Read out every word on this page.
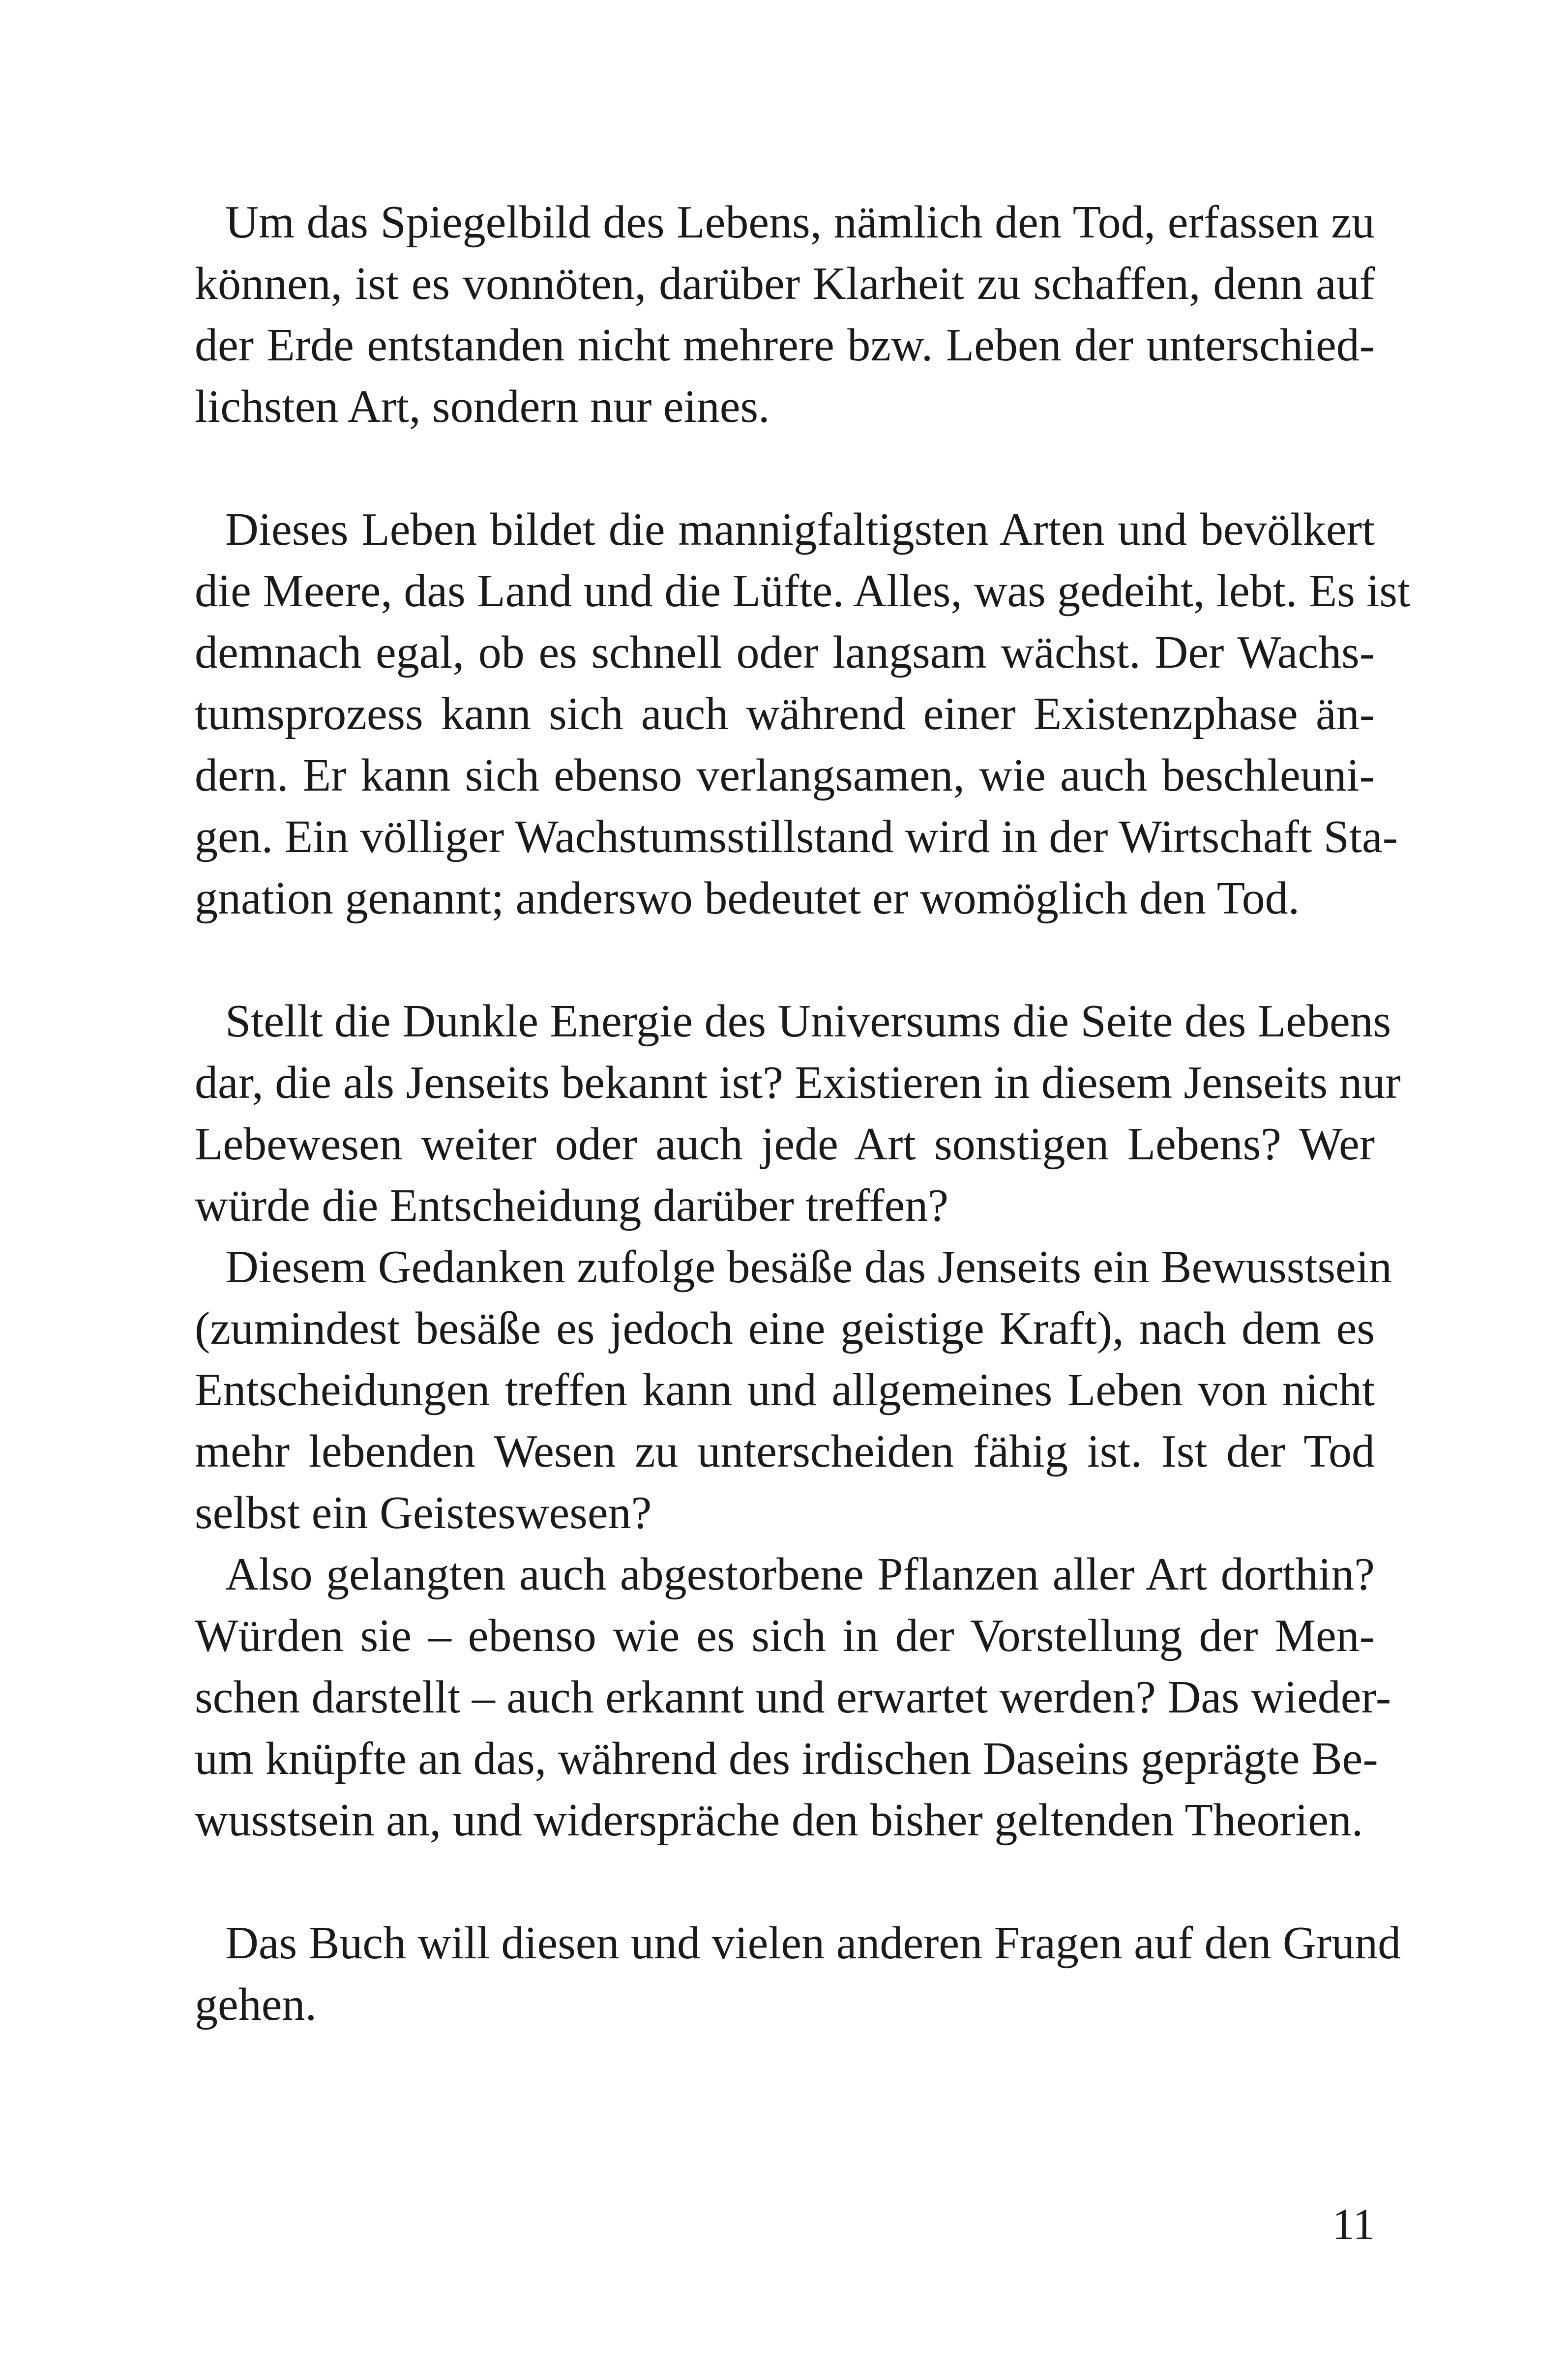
Um das Spiegelbild des Lebens, nämlich den Tod, erfassen zu
können, ist es vonnöten, darüber Klarheit zu schaffen, denn auf
der Erde entstanden nicht mehrere bzw. Leben der unterschied-
lichsten Art, sondern nur eines.
Dieses Leben bildet die mannigfaltigsten Arten und bevölkert
die Meere, das Land und die Lüfte. Alles, was gedeiht, lebt. Es ist
demnach egal, ob es schnell oder langsam wächst. Der Wachs-
tumsprozess kann sich auch während einer Existenzphase än-
dern. Er kann sich ebenso verlangsamen, wie auch beschleuni-
gen. Ein völliger Wachstumsstillstand wird in der Wirtschaft Sta-
gnation genannt; anderswo bedeutet er womöglich den Tod.
Stellt die Dunkle Energie des Universums die Seite des Lebens
dar, die als Jenseits bekannt ist? Existieren in diesem Jenseits nur
Lebewesen weiter oder auch jede Art sonstigen Lebens? Wer
würde die Entscheidung darüber treffen?
Diesem Gedanken zufolge besäße das Jenseits ein Bewusstsein
(zumindest besäße es jedoch eine geistige Kraft), nach dem es
Entscheidungen treffen kann und allgemeines Leben von nicht
mehr lebenden Wesen zu unterscheiden fähig ist. Ist der Tod
selbst ein Geisteswesen?
Also gelangten auch abgestorbene Pflanzen aller Art dorthin?
Würden sie – ebenso wie es sich in der Vorstellung der Men-
schen darstellt – auch erkannt und erwartet werden? Das wieder-
um knüpfte an das, während des irdischen Daseins geprägte Be-
wusstsein an, und widerspräche den bisher geltenden Theorien.
Das Buch will diesen und vielen anderen Fragen auf den Grund
gehen.
11
